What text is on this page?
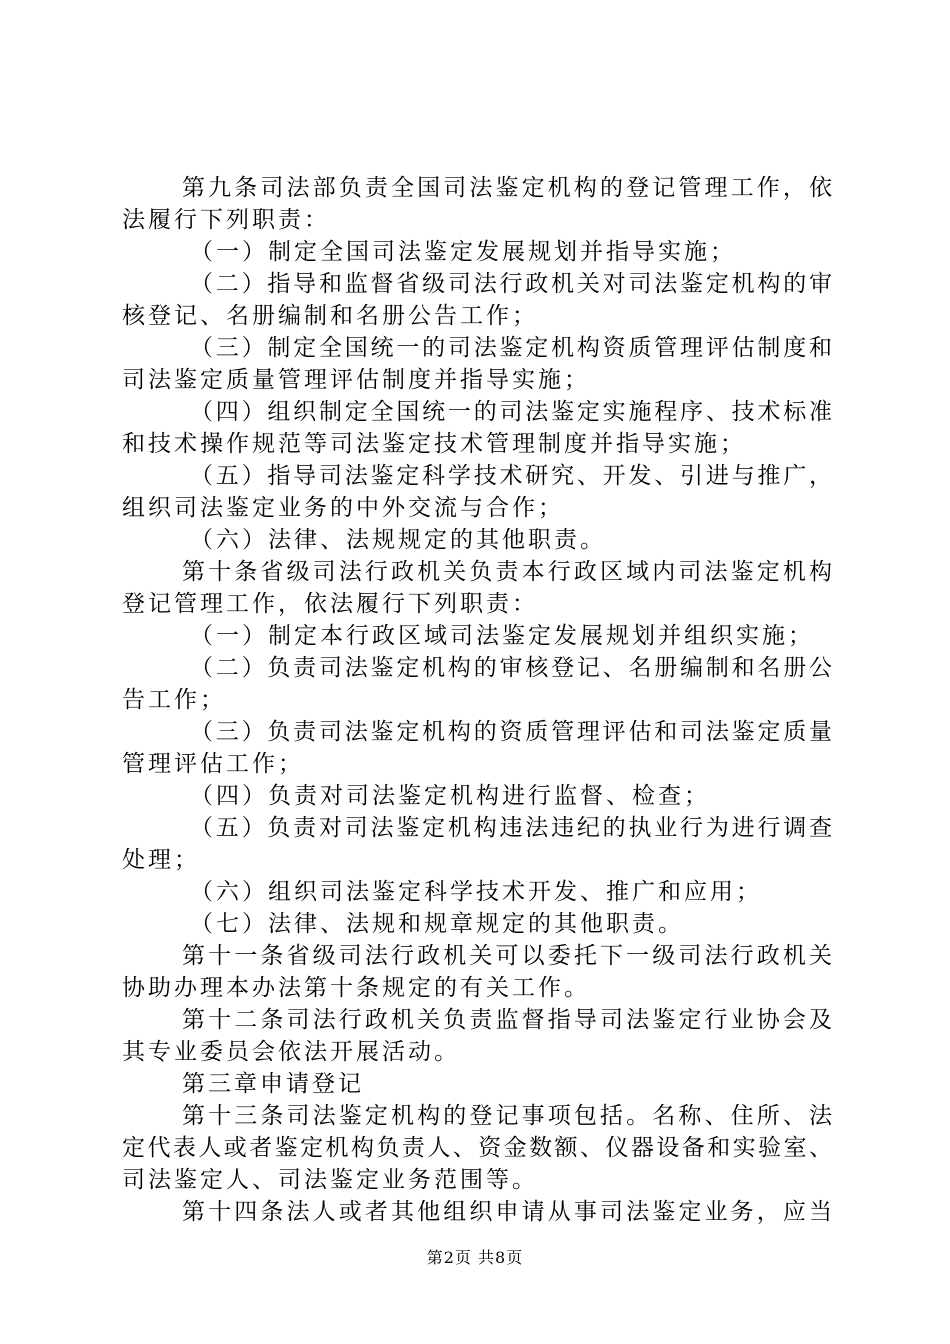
第九条司法部负责全国司法鉴定机构的登记管理工作，依
法履行下列职责：
（一）制定全国司法鉴定发展规划并指导实施；
（二）指导和监督省级司法行政机关对司法鉴定机构的审
核登记、名册编制和名册公告工作；
（三）制定全国统一的司法鉴定机构资质管理评估制度和
司法鉴定质量管理评估制度并指导实施；
（四）组织制定全国统一的司法鉴定实施程序、技术标准
和技术操作规范等司法鉴定技术管理制度并指导实施；
（五）指导司法鉴定科学技术研究、开发、引进与推广，
组织司法鉴定业务的中外交流与合作；
（六）法律、法规规定的其他职责。
第十条省级司法行政机关负责本行政区域内司法鉴定机构
登记管理工作，依法履行下列职责：
（一）制定本行政区域司法鉴定发展规划并组织实施；
（二）负责司法鉴定机构的审核登记、名册编制和名册公
告工作；
（三）负责司法鉴定机构的资质管理评估和司法鉴定质量
管理评估工作；
（四）负责对司法鉴定机构进行监督、检查；
（五）负责对司法鉴定机构违法违纪的执业行为进行调查
处理；
（六）组织司法鉴定科学技术开发、推广和应用；
（七）法律、法规和规章规定的其他职责。
第十一条省级司法行政机关可以委托下一级司法行政机关
协助办理本办法第十条规定的有关工作。
第十二条司法行政机关负责监督指导司法鉴定行业协会及
其专业委员会依法开展活动。
第三章申请登记
第十三条司法鉴定机构的登记事项包括。名称、住所、法
定代表人或者鉴定机构负责人、资金数额、仪器设备和实验室、
司法鉴定人、司法鉴定业务范围等。
第十四条法人或者其他组织申请从事司法鉴定业务，应当
第2页 共8页
